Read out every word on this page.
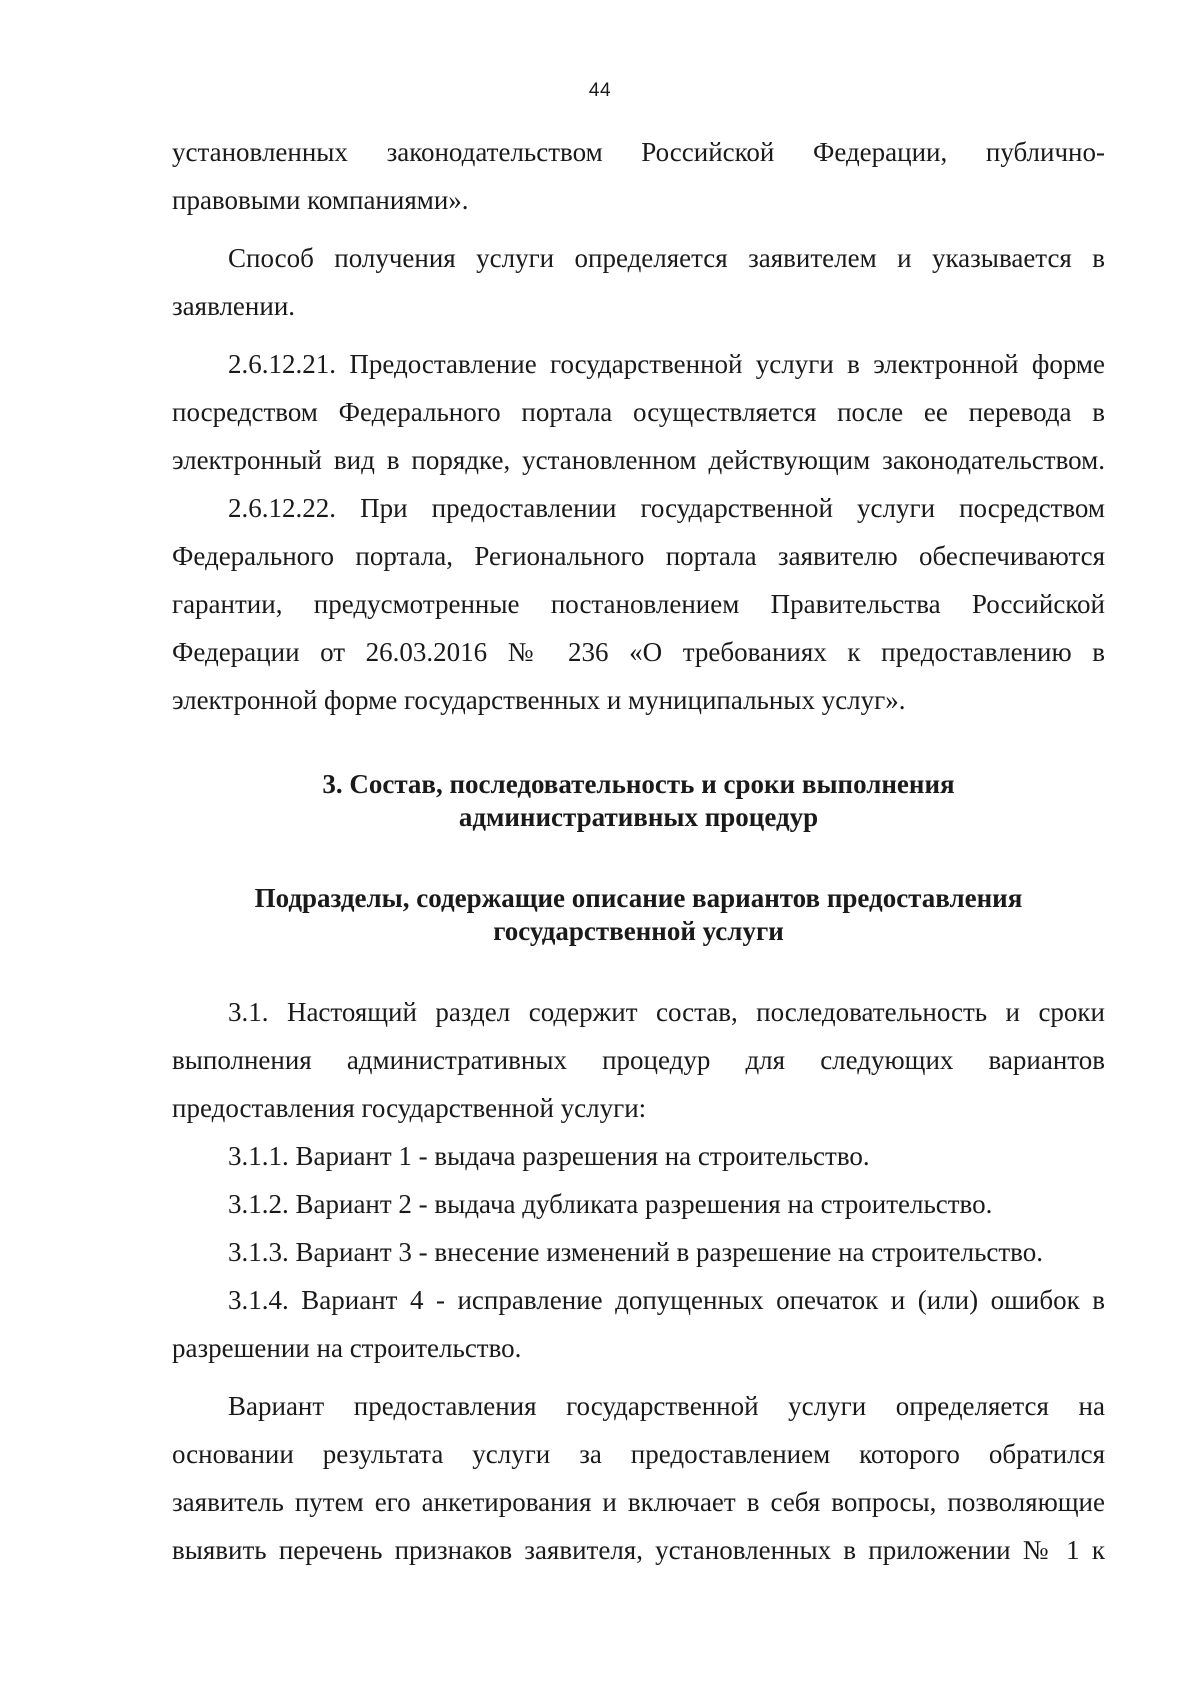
44

установленных законодательством Российской Федерации, публично-
правовыми компаниями».

Способ получения услуги определяется заявителем и указывается в
заявлении.

2.6.12.21. Предоставление государственной услуги в электронной форме
посредством Федерального портала осуществляется после ее перевода в
электронный вид в порядке, установленном действующим законодательством.

2.6.12.22. При предоставлении государственной услуги посредством
Федерального портала, Регионального портала заявителю обеспечиваются
гарантии, предусмотренные постановлением Правительства Российской
Федерации от 26.03.2016 № 236 «О требованиях к предоставлению в
электронной форме государственных и муниципальных услуг».

3. Состав, последовательность и сроки выполнения
административных процедур

Подразделы, содержащие описание вариантов предоставления
государственной услуги

3.1. Настоящий раздел содержит состав, последовательность и сроки
выполнения административных процедур для следующих вариантов
предоставления государственной услуги:

3.1.1. Вариант 1 - выдача разрешения на строительство.

3.1.2. Вариант 2 - выдача дубликата разрешения на строительство.

3.1.3. Вариант 3 - внесение изменений в разрешение на строительство.

3.1.4. Вариант 4 - исправление допущенных опечаток и (или) ошибок в
разрешении на строительство.

Вариант предоставления государственной услуги определяется на
основании результата услуги за предоставлением которого обратился
заявитель путем его анкетирования и включает в себя вопросы, позволяющие
выявить перечень признаков заявителя, установленных в приложении № 1 к
